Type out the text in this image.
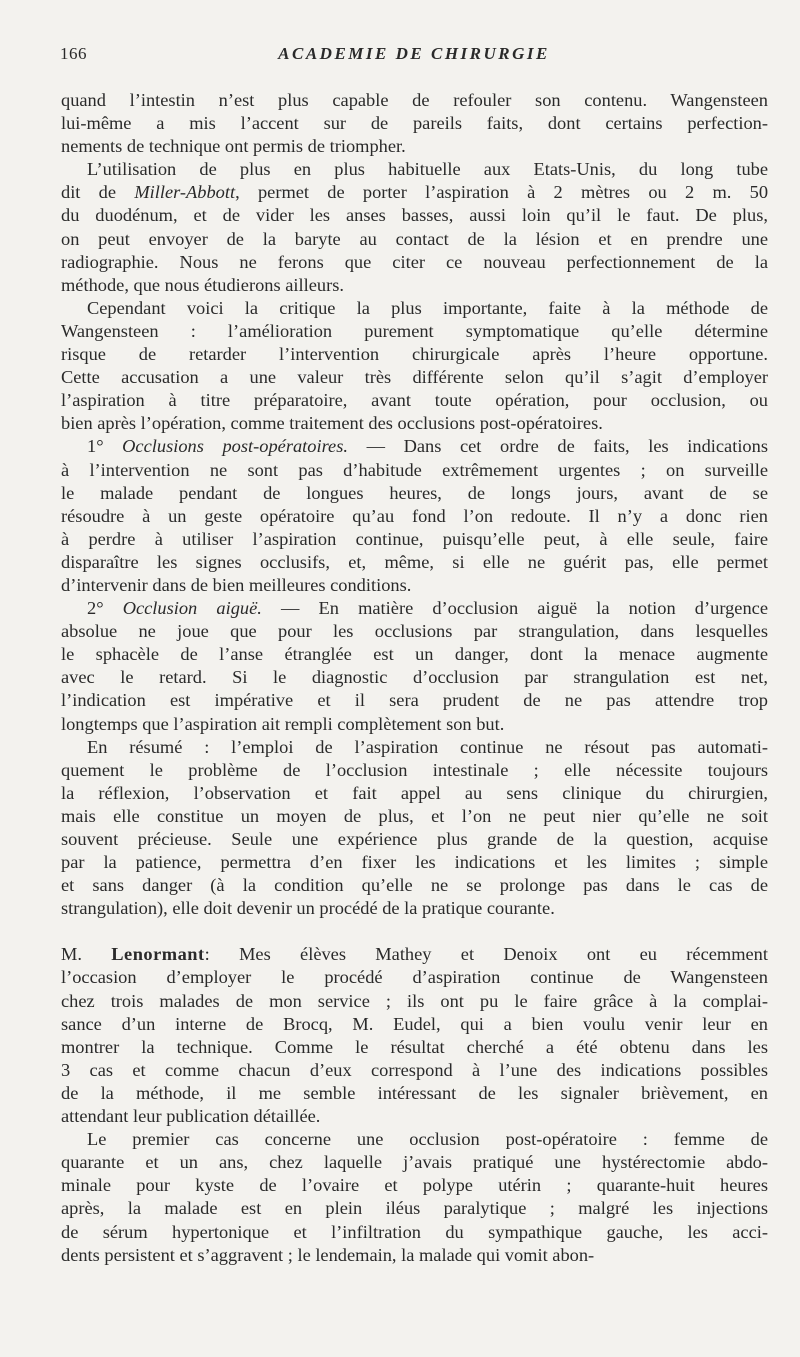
166	ACADEMIE DE CHIRURGIE

quand l’intestin n’est plus capable de refouler son contenu. Wangensteen
lui-même a mis l’accent sur de pareils faits, dont certains perfection-
nements de technique ont permis de triompher.

L’utilisation de plus en plus habituelle aux Etats-Unis, du long tube
dit de Miller-Abbott, permet de porter l’aspiration à 2 mètres ou 2 m. 50
du duodénum, et de vider les anses basses, aussi loin qu’il le faut. De plus,
on peut envoyer de la baryte au contact de la lésion et en prendre une
radiographie. Nous ne ferons que citer ce nouveau perfectionnement de la
méthode, que nous étudierons ailleurs.

Cependant voici la critique la plus importante, faite à la méthode de
Wangensteen : l’amélioration purement symptomatique qu’elle détermine
risque de retarder l’intervention chirurgicale après l’heure opportune.
Cette accusation a une valeur très différente selon qu’il s’agit d’employer
l’aspiration à titre préparatoire, avant toute opération, pour occlusion, ou
bien après l’opération, comme traitement des occlusions post-opératoires.

1° Occlusions post-opératoires. — Dans cet ordre de faits, les indications
à l’intervention ne sont pas d’habitude extrêmement urgentes ; on surveille
le malade pendant de longues heures, de longs jours, avant de se
résoudre à un geste opératoire qu’au fond l’on redoute. Il n’y a donc rien
à perdre à utiliser l’aspiration continue, puisqu’elle peut, à elle seule, faire
disparaître les signes occlusifs, et, même, si elle ne guérit pas, elle permet
d’intervenir dans de bien meilleures conditions.

2° Occlusion aiguë. — En matière d’occlusion aiguë la notion d’urgence
absolue ne joue que pour les occlusions par strangulation, dans lesquelles
le sphacèle de l’anse étranglée est un danger, dont la menace augmente
avec le retard. Si le diagnostic d’occlusion par strangulation est net,
l’indication est impérative et il sera prudent de ne pas attendre trop
longtemps que l’aspiration ait rempli complètement son but.

En résumé : l’emploi de l’aspiration continue ne résout pas automati-
quement le problème de l’occlusion intestinale ; elle nécessite toujours
la réflexion, l’observation et fait appel au sens clinique du chirurgien,
mais elle constitue un moyen de plus, et l’on ne peut nier qu’elle ne soit
souvent précieuse. Seule une expérience plus grande de la question, acquise
par la patience, permettra d’en fixer les indications et les limites ; simple
et sans danger (à la condition qu’elle ne se prolonge pas dans le cas de
strangulation), elle doit devenir un procédé de la pratique courante.

M. Lenormant: Mes élèves Mathey et Denoix ont eu récemment
l’occasion d’employer le procédé d’aspiration continue de Wangensteen
chez trois malades de mon service ; ils ont pu le faire grâce à la complai-
sance d’un interne de Brocq, M. Eudel, qui a bien voulu venir leur en
montrer la technique. Comme le résultat cherché a été obtenu dans les
3 cas et comme chacun d’eux correspond à l’une des indications possibles
de la méthode, il me semble intéressant de les signaler brièvement, en
attendant leur publication détaillée.

Le premier cas concerne une occlusion post-opératoire : femme de
quarante et un ans, chez laquelle j’avais pratiqué une hystérectomie abdo-
minale pour kyste de l’ovaire et polype utérin ; quarante-huit heures
après, la malade est en plein iléus paralytique ; malgré les injections
de sérum hypertonique et l’infiltration du sympathique gauche, les acci-
dents persistent et s’aggravent ; le lendemain, la malade qui vomit abon-
